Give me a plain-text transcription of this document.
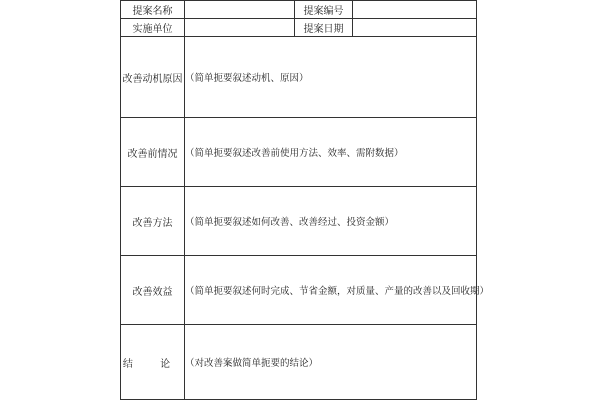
提案名称		提案编号	
实施单位		提案日期	
改善动机原因	（简单扼要叙述动机、原因）		
改善前情况	（简单扼要叙述改善前使用方法、效率、需附数据）		
改善方法	（简单扼要叙述如何改善、改善经过、投资金额）		
改善效益	（简单扼要叙述何时完成、节省金额，对质量、产量的改善以及回收期）		
结 论	（对改善案做简单扼要的结论）		
